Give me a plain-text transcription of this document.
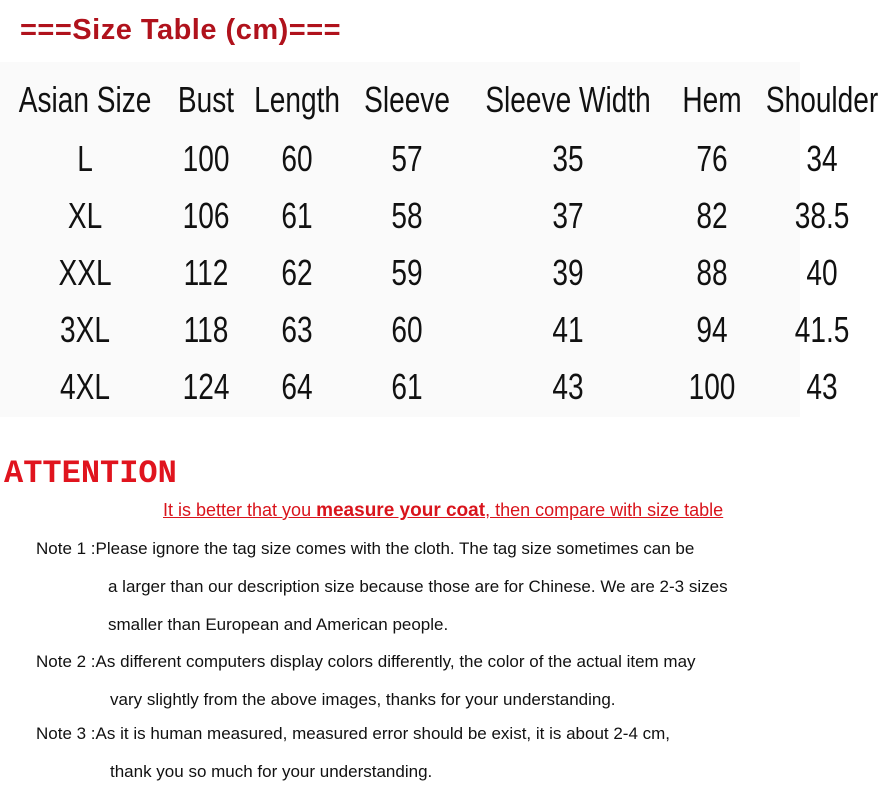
===Size Table (cm)===
Asian Size	Bust	Length	Sleeve	Sleeve Width	Hem	Shoulder
L	100	60	57	35	76	34
XL	106	61	58	37	82	38.5
XXL	112	62	59	39	88	40
3XL	118	63	60	41	94	41.5
4XL	124	64	61	43	100	43
ATTENTION
It is better that you measure your coat, then compare with size table
Note 1 :Please ignore the tag size comes with the cloth. The tag size sometimes can be
a larger than our description size because those are for Chinese. We are 2-3 sizes
smaller than European and American people.
Note 2 :As different computers display colors differently, the color of the actual item may
vary slightly from the above images, thanks for your understanding.
Note 3 :As it is human measured, measured error should be exist, it is about 2-4 cm,
thank you so much for your understanding.
